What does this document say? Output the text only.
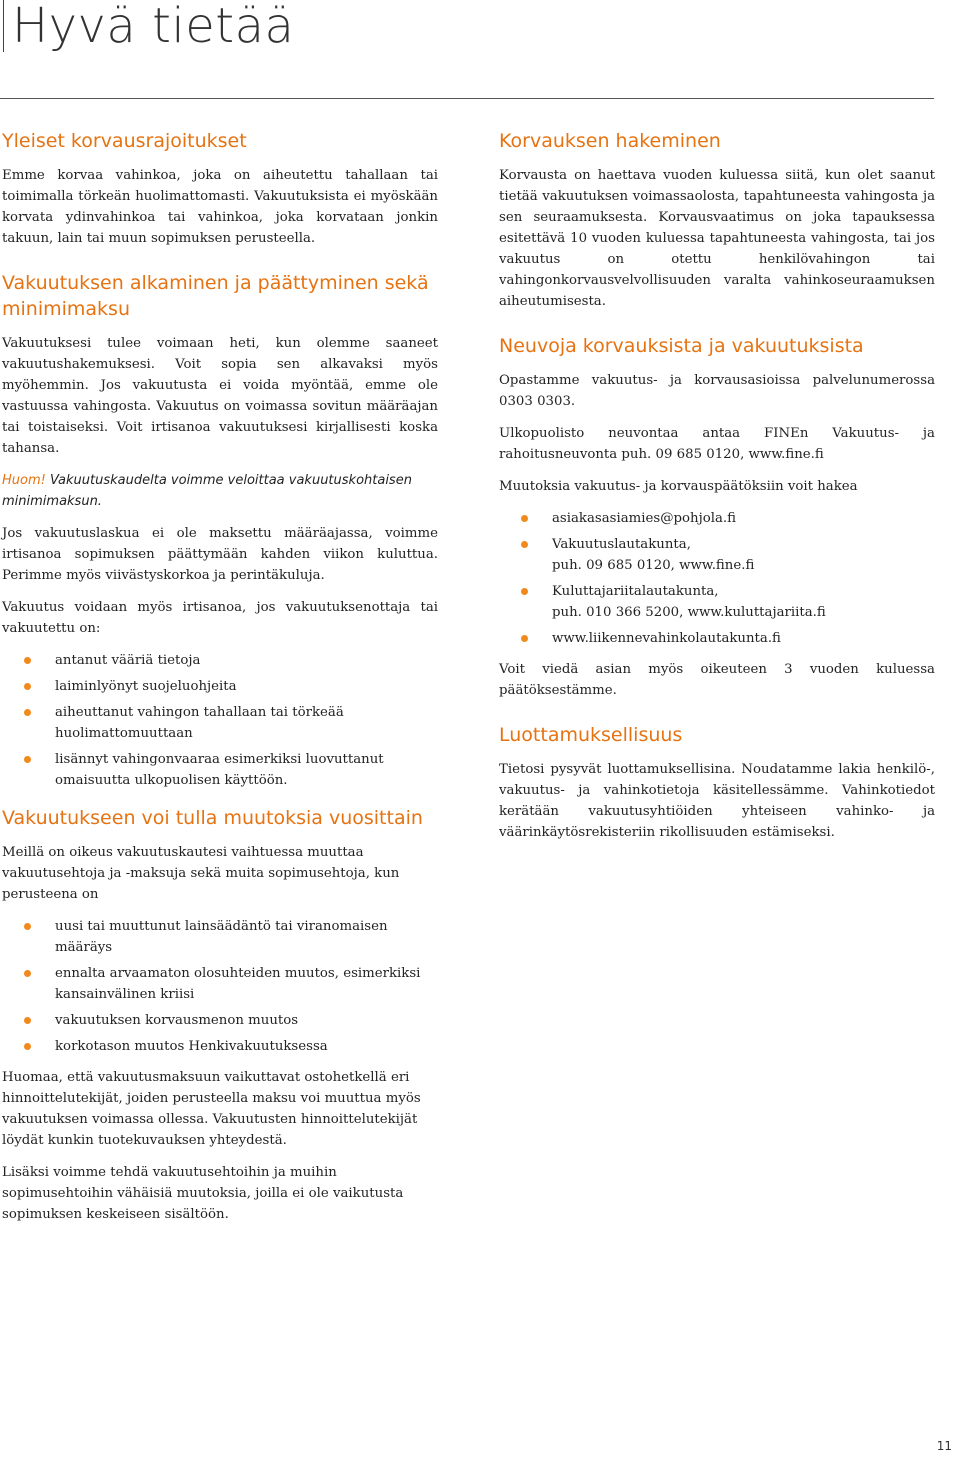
Hyvä tietää
Yleiset korvausrajoitukset

Emme korvaa vahinkoa, joka on aiheutettu tahallaan tai toimimalla törkeän huolimattomasti. Vakuutuksista ei myöskään korvata ydinvahinkoa tai vahinkoa, joka korvataan jonkin takuun, lain tai muun sopimuksen perusteella.

Vakuutuksen alkaminen ja päättyminen sekä minimimaksu

Vakuutuksesi tulee voimaan heti, kun olemme saaneet vakuutushakemuksesi. Voit sopia sen alkavaksi myös myöhemmin. Jos vakuutusta ei voida myöntää, emme ole vastuussa vahingosta. Vakuutus on voimassa sovitun määräajan tai toistaiseksi. Voit irtisanoa vakuutuksesi kirjallisesti koska tahansa.

Huom! Vakuutuskaudelta voimme veloittaa vakuutuskohtaisen minimimaksun.

Jos vakuutuslaskua ei ole maksettu määräajassa, voimme irtisanoa sopimuksen päättymään kahden viikon kuluttua. Perimme myös viivästyskorkoa ja perintäkuluja.

Vakuutus voidaan myös irtisanoa, jos vakuutuksenottaja tai vakuutettu on:

antanut vääriä tietoja
laiminlyönyt suojeluohjeita
aiheuttanut vahingon tahallaan tai törkeää huolimattomuuttaan
lisännyt vahingonvaaraa esimerkiksi luovuttanut omaisuutta ulkopuolisen käyttöön.
Vakuutukseen voi tulla muutoksia vuosittain

Meillä on oikeus vakuutuskautesi vaihtuessa muuttaa vakuutusehtoja ja -maksuja sekä muita sopimusehtoja, kun perusteena on

uusi tai muuttunut lainsäädäntö tai viranomaisen määräys
ennalta arvaamaton olosuhteiden muutos, esimerkiksi kansainvälinen kriisi
vakuutuksen korvausmenon muutos
korkotason muutos Henkivakuutuksessa

Huomaa, että vakuutusmaksuun vaikuttavat ostohetkellä eri hinnoittelutekijät, joiden perusteella maksu voi muuttua myös vakuutuksen voimassa ollessa. Vakuutusten hinnoittelutekijät löydät kunkin tuotekuvauksen yhteydestä.

Lisäksi voimme tehdä vakuutusehtoihin ja muihin sopimusehtoihin vähäisiä muutoksia, joilla ei ole vaikutusta sopimuksen keskeiseen sisältöön.

Korvauksen hakeminen

Korvausta on haettava vuoden kuluessa siitä, kun olet saanut tietää vakuutuksen voimassaolosta, tapahtuneesta vahingosta ja sen seuraamuksesta. Korvausvaatimus on joka tapauksessa esitettävä 10 vuoden kuluessa tapahtuneesta vahingosta, tai jos vakuutus on otettu henkilövahingon tai vahingonkorvausvelvollisuuden varalta vahinkoseuraamuksen aiheutumisesta.

Neuvoja korvauksista ja vakuutuksista

Opastamme vakuutus- ja korvausasioissa palvelunumerossa 0303 0303.

Ulkopuolisto neuvontaa antaa FINEn Vakuutus- ja rahoitusneuvonta puh. 09 685 0120, www.fine.fi

Muutoksia vakuutus- ja korvauspäätöksiin voit hakea

asiakasasiamies@pohjola.fi
Vakuutuslautakunta,
puh. 09 685 0120, www.fine.fi
Kuluttajariitalautakunta,
puh. 010 366 5200, www.kuluttajariita.fi
www.liikennevahinkolautakunta.fi

Voit viedä asian myös oikeuteen 3 vuoden kuluessa päätöksestämme.

Luottamuksellisuus

Tietosi pysyvät luottamuksellisina. Noudatamme lakia henkilö-, vakuutus- ja vahinkotietoja käsitellessämme. Vahinkotiedot kerätään vakuutusyhtiöiden yhteiseen vahinko- ja väärinkäytösrekisteriin rikollisuuden estämiseksi.

11
